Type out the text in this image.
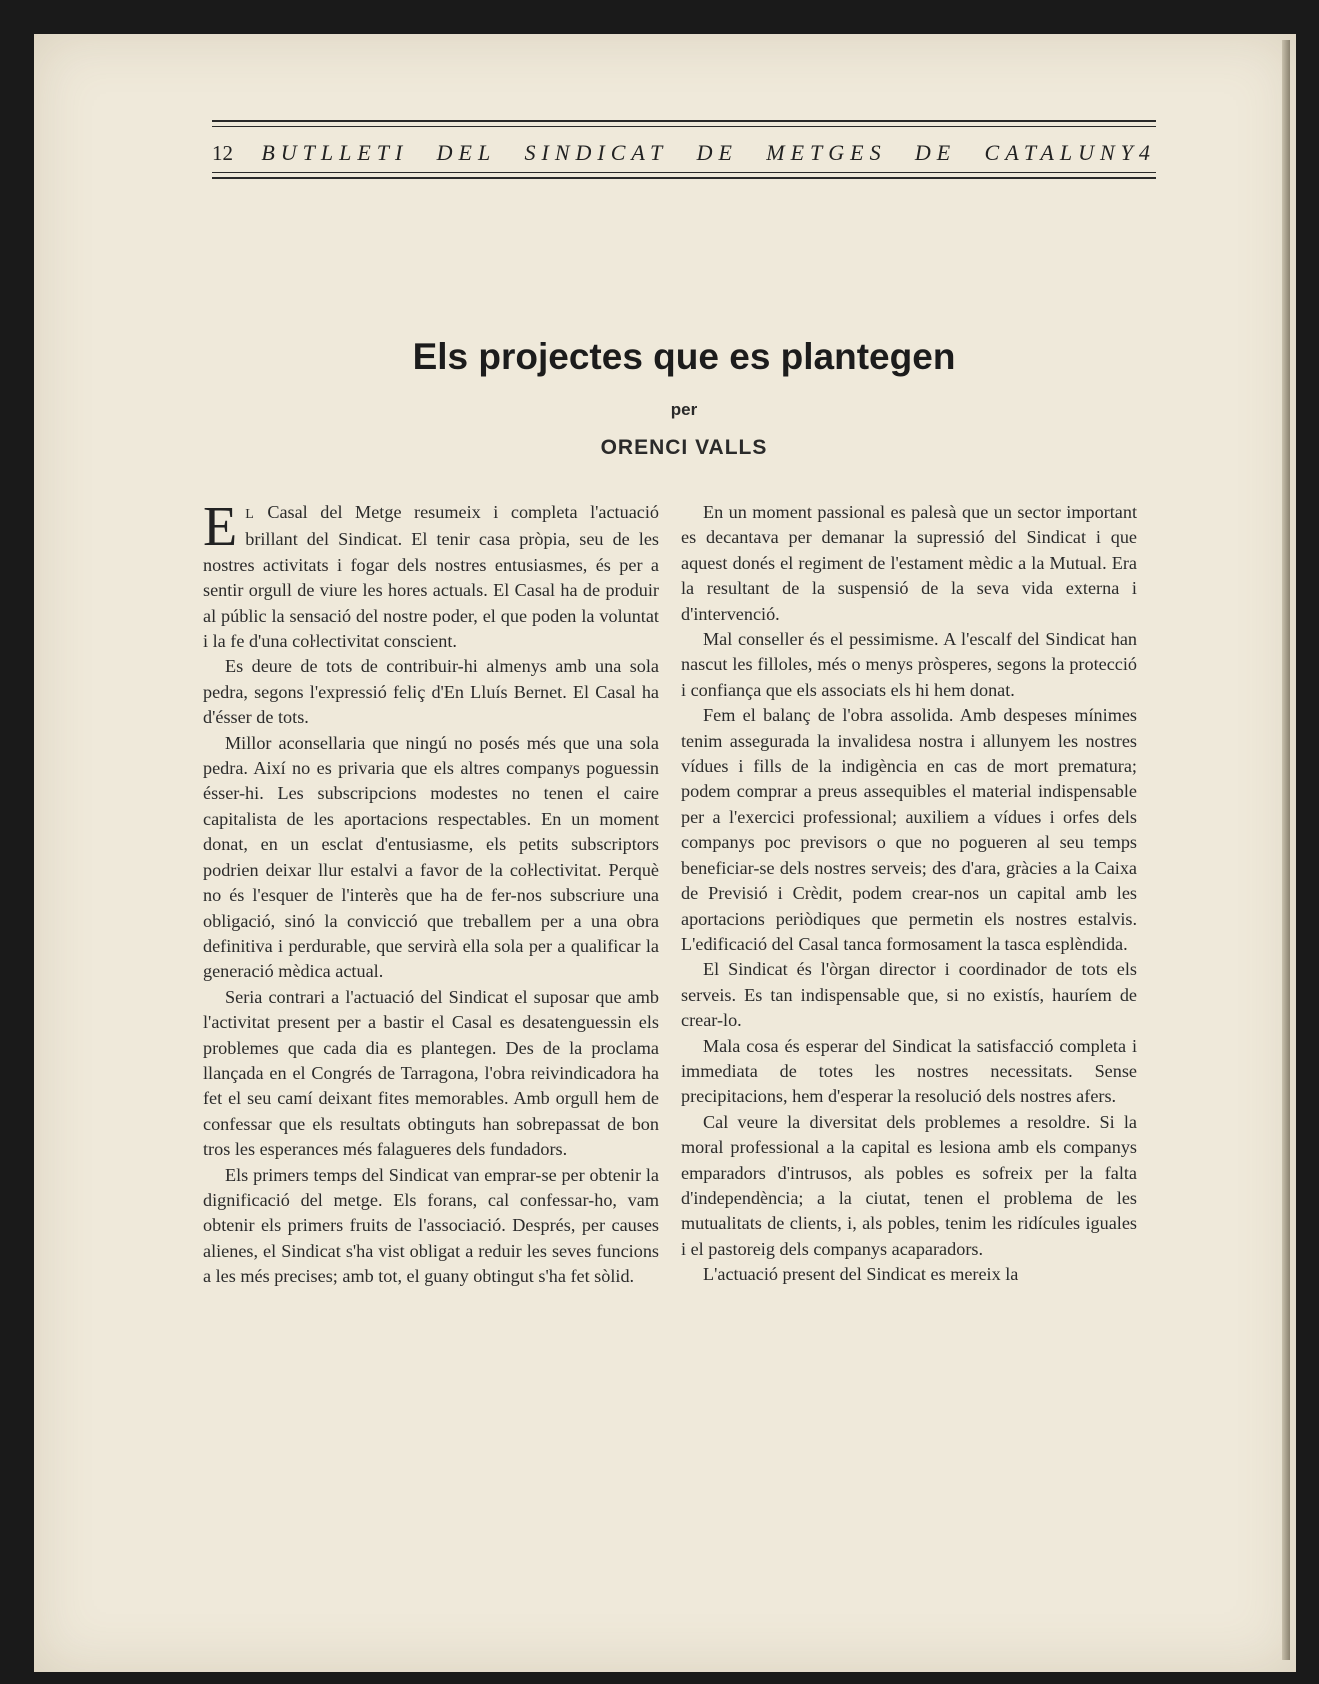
12 BUTLLETI DEL SINDICAT DE METGES DE CATALUNY4
Els projectes que es plantegen
per
ORENCI VALLS

E L Casal del Metge resumeix i completa l'actuació brillant del Sindicat. El tenir casa pròpia, seu de les nostres activitats i fogar dels nostres entusiasmes, és per a sentir orgull de viure les hores actuals. El Casal ha de produir al públic la sensació del nostre poder, el que poden la voluntat i la fe d'una coŀlectivitat conscient.

Es deure de tots de contribuir-hi almenys amb una sola pedra, segons l'expressió feliç d'En Lluís Bernet. El Casal ha d'ésser de tots.

Millor aconsellaria que ningú no posés més que una sola pedra. Així no es privaria que els altres companys poguessin ésser-hi. Les subscripcions modestes no tenen el caire capitalista de les aportacions respectables. En un moment donat, en un esclat d'entusiasme, els petits subscriptors podrien deixar llur estalvi a favor de la coŀlectivitat. Perquè no és l'esquer de l'interès que ha de fer-nos subscriure una obligació, sinó la convicció que treballem per a una obra definitiva i perdurable, que servirà ella sola per a qualificar la generació mèdica actual.

Seria contrari a l'actuació del Sindicat el suposar que amb l'activitat present per a bastir el Casal es desatenguessin els problemes que cada dia es plantegen. Des de la proclama llançada en el Congrés de Tarragona, l'obra reivindicadora ha fet el seu camí deixant fites memorables. Amb orgull hem de confessar que els resultats obtinguts han sobrepassat de bon tros les esperances més falagueres dels fundadors.

Els primers temps del Sindicat van emprar-se per obtenir la dignificació del metge. Els forans, cal confessar-ho, vam obtenir els primers fruits de l'associació. Després, per causes alienes, el Sindicat s'ha vist obligat a reduir les seves funcions a les més precises; amb tot, el guany obtingut s'ha fet sòlid.

En un moment passional es palesà que un sector important es decantava per demanar la supressió del Sindicat i que aquest donés el regiment de l'estament mèdic a la Mutual. Era la resultant de la suspensió de la seva vida externa i d'intervenció.

Mal conseller és el pessimisme. A l'escalf del Sindicat han nascut les filloles, més o menys pròsperes, segons la protecció i confiança que els associats els hi hem donat.

Fem el balanç de l'obra assolida. Amb despeses mínimes tenim assegurada la invalidesa nostra i allunyem les nostres vídues i fills de la indigència en cas de mort prematura; podem comprar a preus assequibles el material indispensable per a l'exercici professional; auxiliem a vídues i orfes dels companys poc previsors o que no pogueren al seu temps beneficiar-se dels nostres serveis; des d'ara, gràcies a la Caixa de Previsió i Crèdit, podem crear-nos un capital amb les aportacions periòdiques que permetin els nostres estalvis. L'edificació del Casal tanca formosament la tasca esplèndida.

El Sindicat és l'òrgan director i coordinador de tots els serveis. Es tan indispensable que, si no existís, hauríem de crear-lo.

Mala cosa és esperar del Sindicat la satisfacció completa i immediata de totes les nostres necessitats. Sense precipitacions, hem d'esperar la resolució dels nostres afers.

Cal veure la diversitat dels problemes a resoldre. Si la moral professional a la capital es lesiona amb els companys emparadors d'intrusos, als pobles es sofreix per la falta d'independència; a la ciutat, tenen el problema de les mutualitats de clients, i, als pobles, tenim les ridícules iguales i el pastoreig dels companys acaparadors.

L'actuació present del Sindicat es mereix la
